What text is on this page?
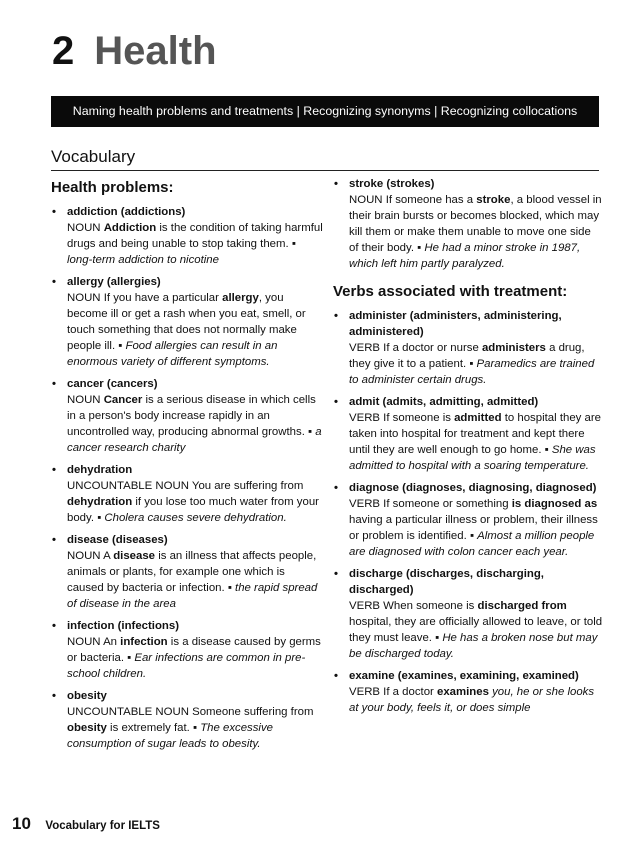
2 Health
Naming health problems and treatments | Recognizing synonyms | Recognizing collocations
Vocabulary
Health problems:
• addiction (addictions)
NOUN Addiction is the condition of taking harmful drugs and being unable to stop taking them. ▪ long-term addiction to nicotine
• allergy (allergies)
NOUN If you have a particular allergy, you become ill or get a rash when you eat, smell, or touch something that does not normally make people ill. ▪ Food allergies can result in an enormous variety of different symptoms.
• cancer (cancers)
NOUN Cancer is a serious disease in which cells in a person's body increase rapidly in an uncontrolled way, producing abnormal growths. ▪ a cancer research charity
• dehydration
UNCOUNTABLE NOUN You are suffering from dehydration if you lose too much water from your body. ▪ Cholera causes severe dehydration.
• disease (diseases)
NOUN A disease is an illness that affects people, animals or plants, for example one which is caused by bacteria or infection. ▪ the rapid spread of disease in the area
• infection (infections)
NOUN An infection is a disease caused by germs or bacteria. ▪ Ear infections are common in pre-school children.
• obesity
UNCOUNTABLE NOUN Someone suffering from obesity is extremely fat. ▪ The excessive consumption of sugar leads to obesity.
• stroke (strokes)
NOUN If someone has a stroke, a blood vessel in their brain bursts or becomes blocked, which may kill them or make them unable to move one side of their body. ▪ He had a minor stroke in 1987, which left him partly paralyzed.
Verbs associated with treatment:
• administer (administers, administering, administered)
VERB If a doctor or nurse administers a drug, they give it to a patient. ▪ Paramedics are trained to administer certain drugs.
• admit (admits, admitting, admitted)
VERB If someone is admitted to hospital they are taken into hospital for treatment and kept there until they are well enough to go home. ▪ She was admitted to hospital with a soaring temperature.
• diagnose (diagnoses, diagnosing, diagnosed)
VERB If someone or something is diagnosed as having a particular illness or problem, their illness or problem is identified. ▪ Almost a million people are diagnosed with colon cancer each year.
• discharge (discharges, discharging, discharged)
VERB When someone is discharged from hospital, they are officially allowed to leave, or told they must leave. ▪ He has a broken nose but may be discharged today.
• examine (examines, examining, examined)
VERB If a doctor examines you, he or she looks at your body, feels it, or does simple
10 Vocabulary for IELTS
